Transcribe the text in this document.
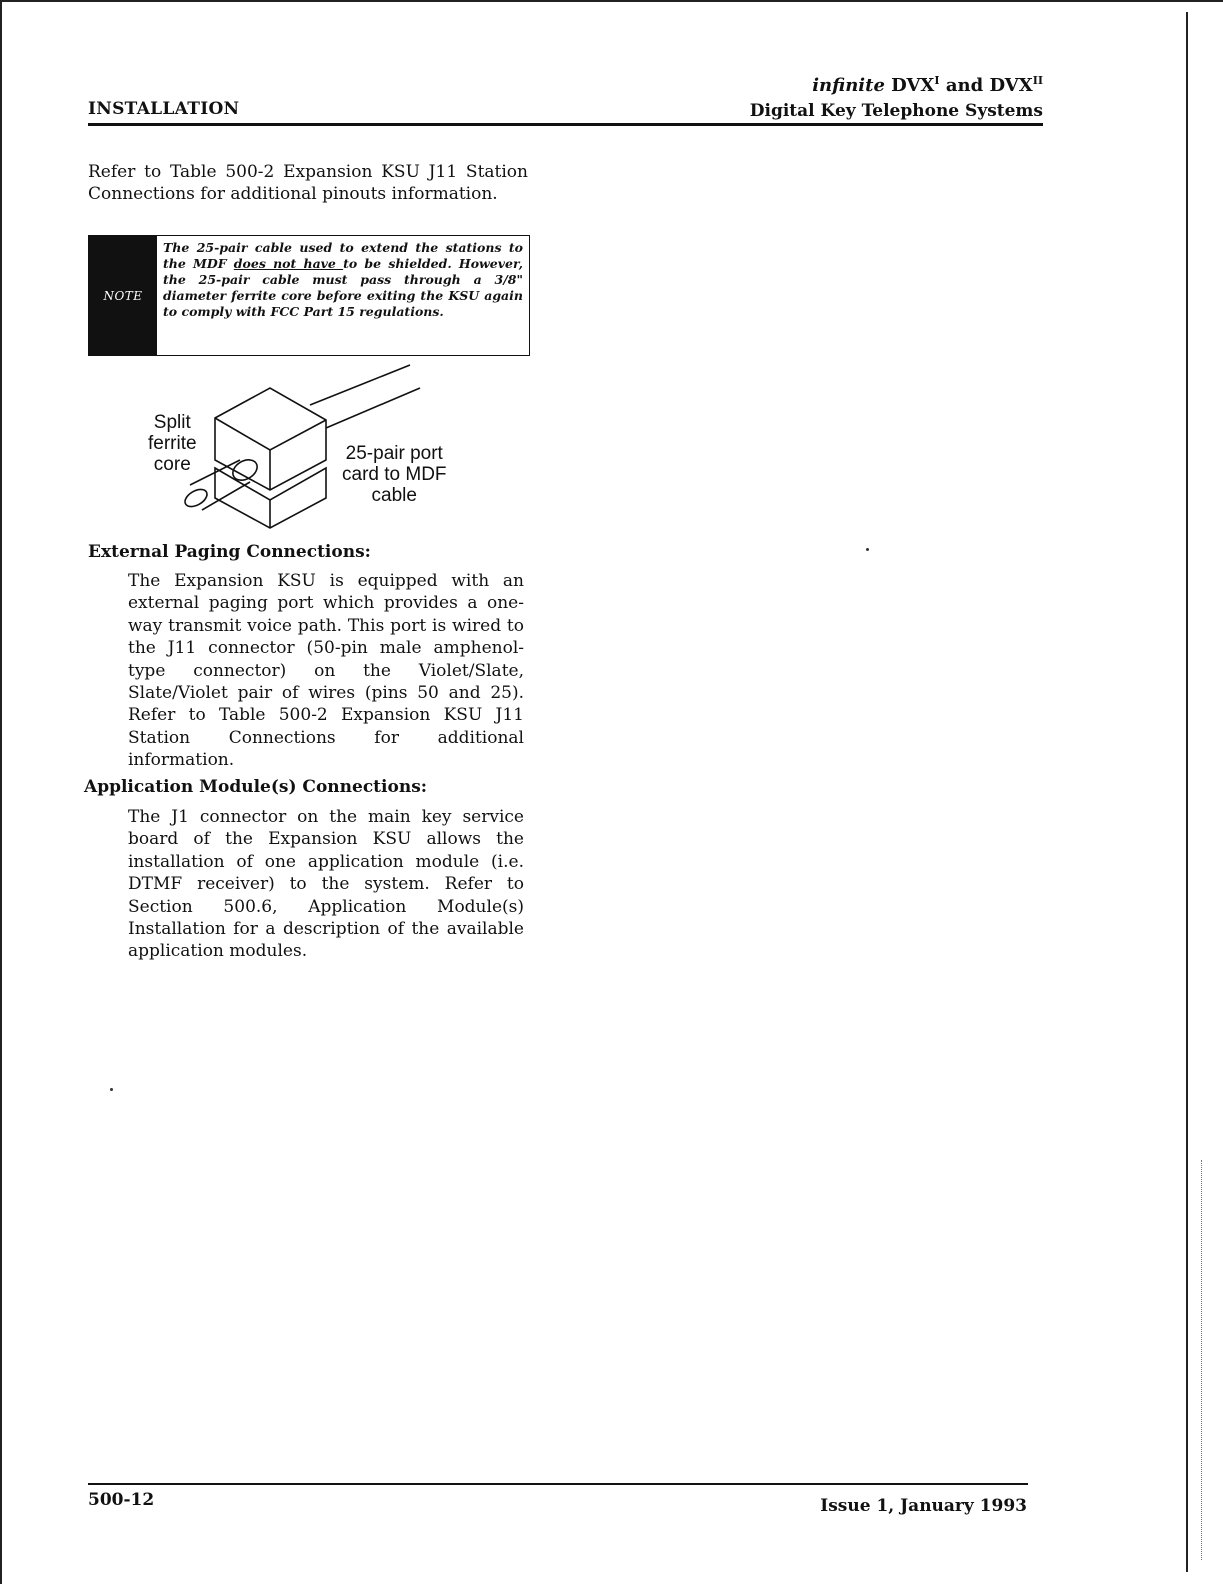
INSTALLATION
infinite $DVX^I$ and $DVX^{II}$
Digital Key Telephone Systems
Refer to Table 500-2 Expansion KSU J11 Station Connections for additional pinouts information.
NOTE
The 25-pair cable used to extend the stations to the MDF does not have to be shielded. However, the 25-pair cable must pass through a 3/8" diameter ferrite core before exiting the KSU again to comply with FCC Part 15 regulations.
Split
ferrite
core
25-pair port
card to MDF
cable
External Paging Connections:
The Expansion KSU is equipped with an external paging port which provides a one-way transmit voice path. This port is wired to the J11 connector (50-pin male amphenol-type connector) on the Violet/Slate, Slate/Violet pair of wires (pins 50 and 25). Refer to Table 500-2 Expansion KSU J11 Station Connections for additional information.
Application Module(s) Connections:
The J1 connector on the main key service board of the Expansion KSU allows the installation of one application module (i.e. DTMF receiver) to the system. Refer to Section 500.6, Application Module(s) Installation for a description of the available application modules.
500-12	Issue 1, January 1993
